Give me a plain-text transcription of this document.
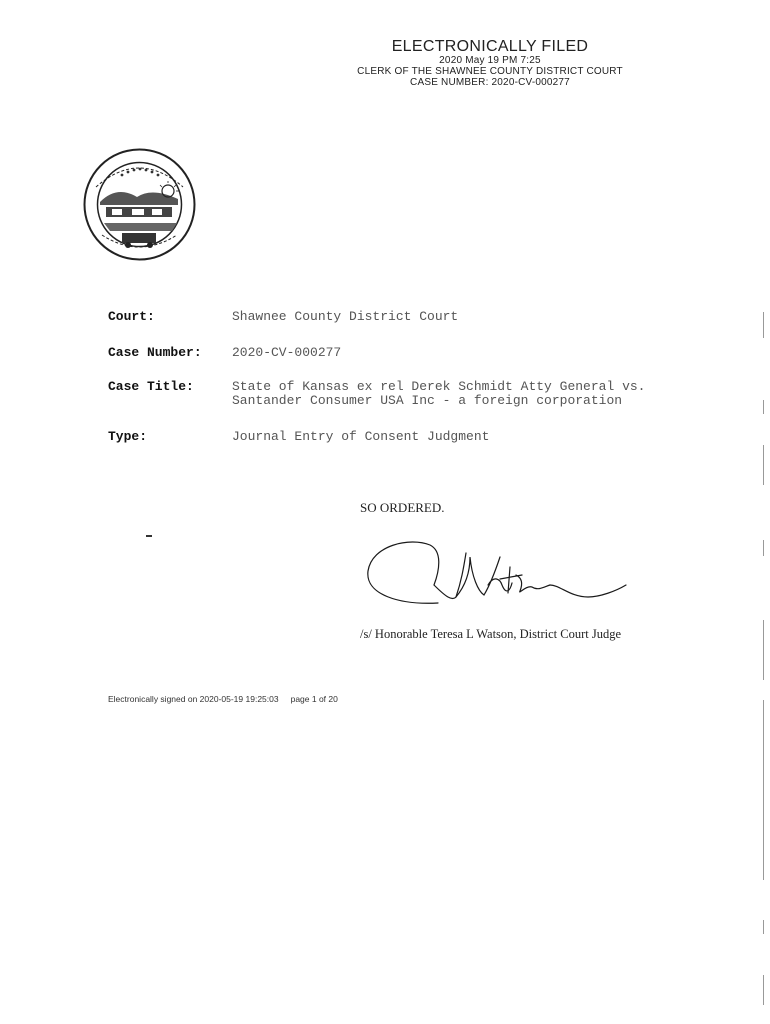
ELECTRONICALLY FILED
2020 May 19 PM 7:25
CLERK OF THE SHAWNEE COUNTY DISTRICT COURT
CASE NUMBER: 2020-CV-000277
Court:	Shawnee County District Court
Case Number: 2020-CV-000277
Case Title:	State of Kansas ex rel Derek Schmidt Atty General vs. Santander Consumer USA Inc - a foreign corporation
Type:	Journal Entry of Consent Judgment
SO ORDERED.
/s/ Honorable Teresa L Watson, District Court Judge
Electronically signed on 2020-05-19 19:25:03 page 1 of 20
